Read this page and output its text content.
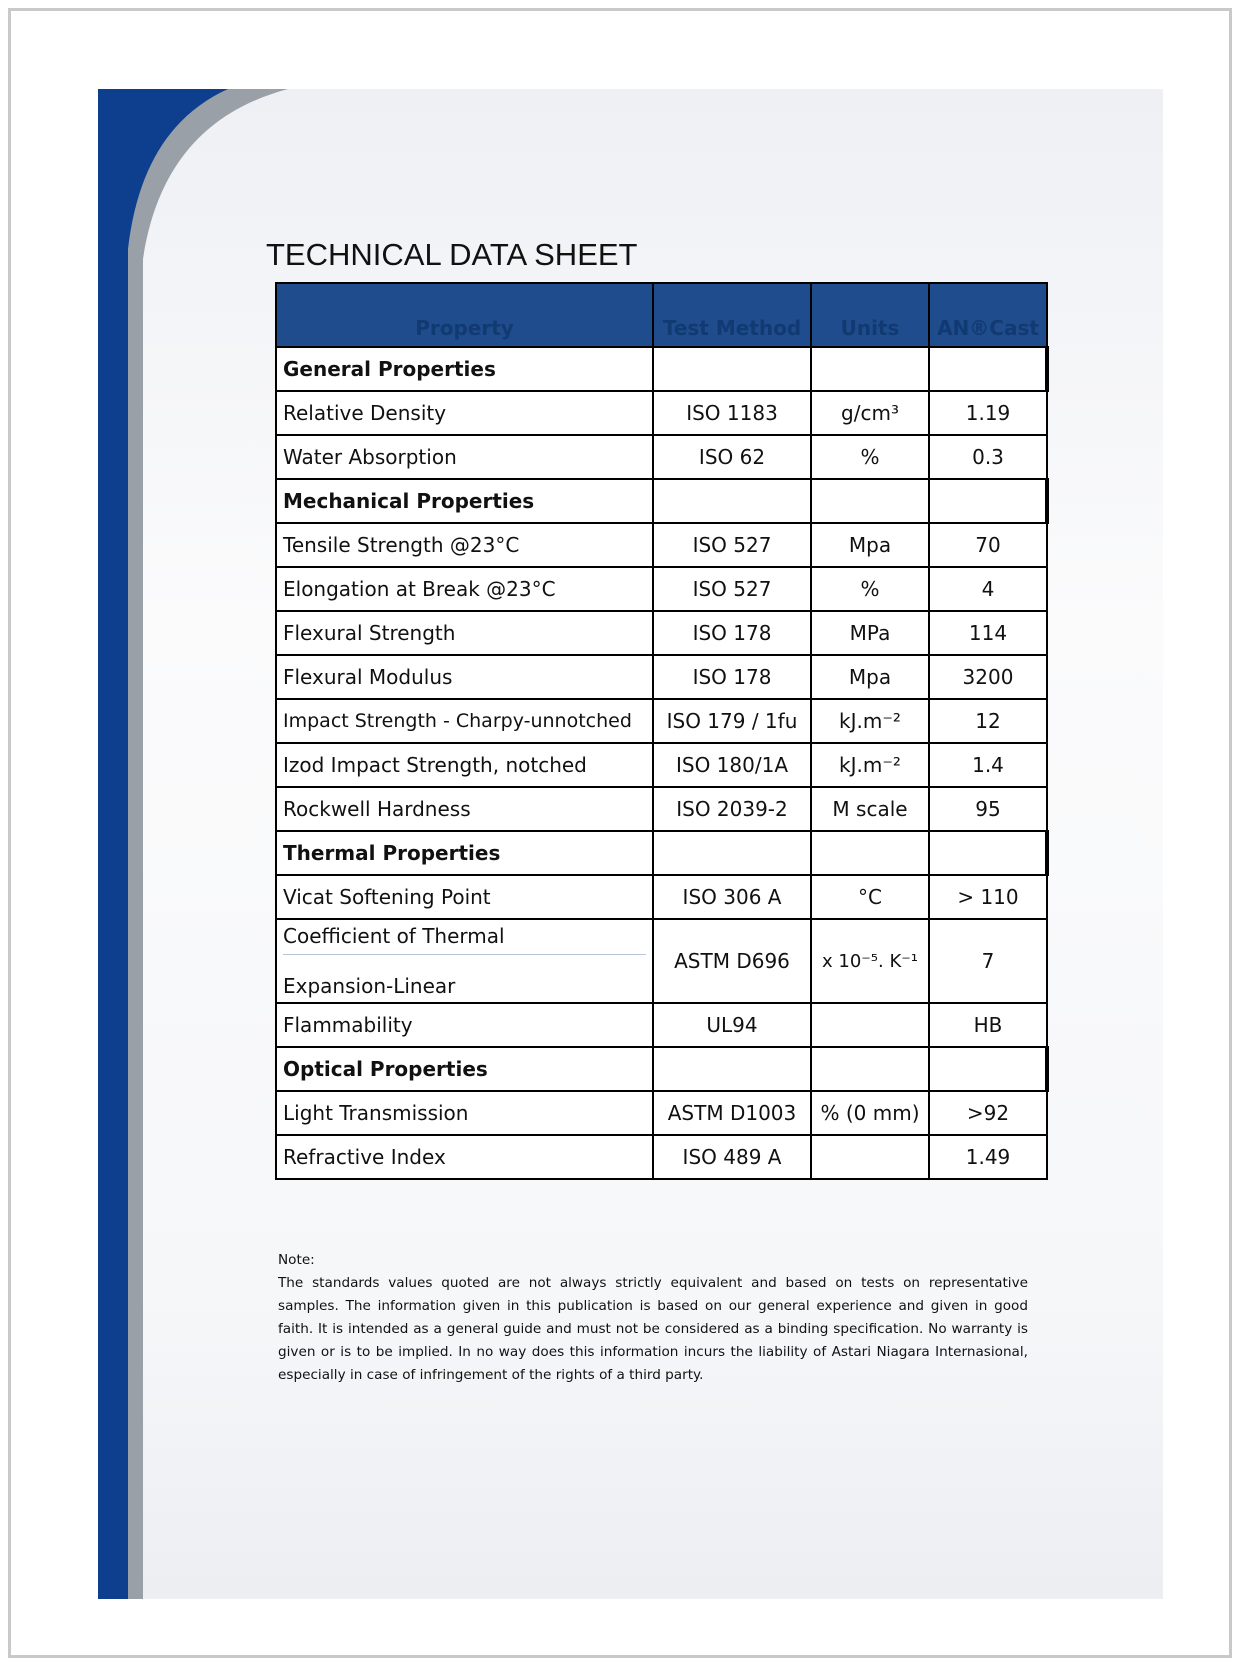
TECHNICAL DATA SHEET
Property	Test Method	Units	AN®Cast
General Properties			
Relative Density	ISO 1183	g/cm³	1.19
Water Absorption	ISO 62	%	0.3
Mechanical Properties			
Tensile Strength @23°C	ISO 527	Mpa	70
Elongation at Break @23°C	ISO 527	%	4
Flexural Strength	ISO 178	MPa	114
Flexural Modulus	ISO 178	Mpa	3200
Impact Strength - Charpy-unnotched	ISO 179 / 1fu	kJ.m⁻²	12
Izod Impact Strength, notched	ISO 180/1A	kJ.m⁻²	1.4
Rockwell Hardness	ISO 2039-2	M scale	95
Thermal Properties			
Vicat Softening Point	ISO 306 A	°C	> 110

Coefficient of Thermal
Expansion-Linear	ASTM D696	x 10⁻⁵. K⁻¹	7
Flammability	UL94		HB
Optical Properties			
Light Transmission	ASTM D1003	% (0 mm)	>92
Refractive Index	ISO 489 A		1.49
Note:
The standards values quoted are not always strictly equivalent and based on tests on representative samples. The information given in this publication is based on our general experience and given in good faith. It is intended as a general guide and must not be considered as a binding specification. No warranty is given or is to be implied. In no way does this information incurs the liability of Astari Niagara Internasional, especially in case of infringement of the rights of a third party.
